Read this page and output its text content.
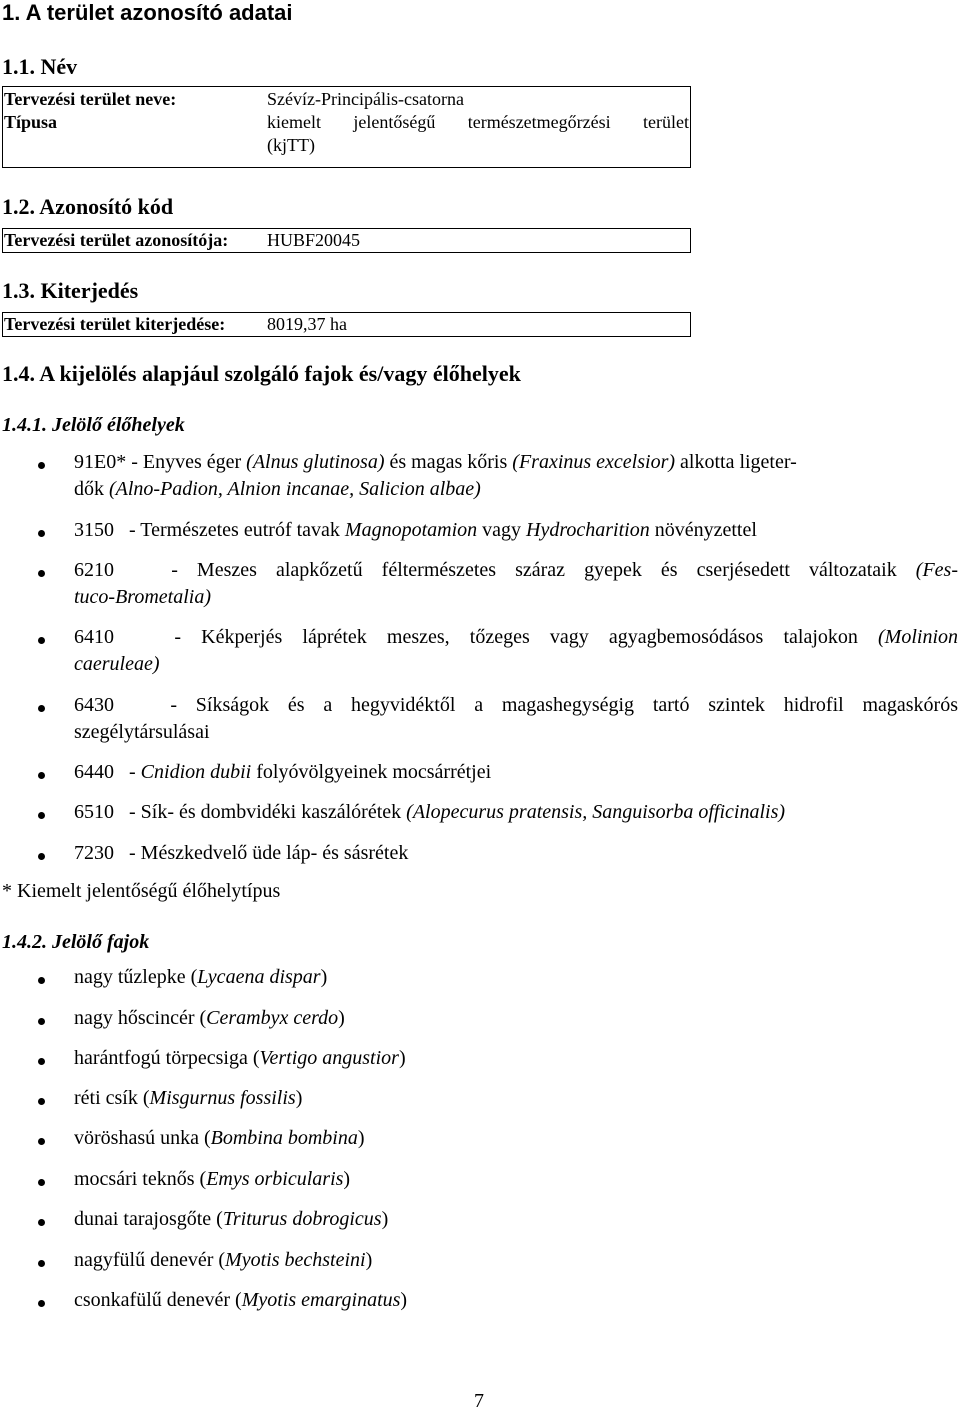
1. A terület azonosító adatai
1.1. Név
Tervezési terület neve:	Szévíz-Principális-csatorna
Típusa	kiemelt jelentőségű természetmegőrzési terület
(kjTT)
1.2. Azonosító kód
Tervezési terület azonosítója: HUBF20045
1.3. Kiterjedés
Tervezési terület kiterjedése: 8019,37 ha
1.4. A kijelölés alapjául szolgáló fajok és/vagy élőhelyek
1.4.1. Jelölő élőhelyek
91E0* - Enyves éger (Alnus glutinosa) és magas kőris (Fraxinus excelsior) alkotta ligeter-
dők (Alno-Padion, Alnion incanae, Salicion albae)
3150 - Természetes eutróf tavak Magnopotamion vagy Hydrocharition növényzettel
6210	- Meszes alapkőzetű féltermészetes száraz gyepek és cserjésedett változataik (Fes-
tuco-Brometalia)
6410	- Kékperjés láprétek meszes, tőzeges vagy agyagbemosódásos talajokon (Molinion
caeruleae)
6430	- Síkságok és a hegyvidéktől a magashegységig tartó szintek hidrofil magaskórós
szegélytársulásai
6440 - Cnidion dubii folyóvölgyeinek mocsárrétjei
6510 - Sík- és dombvidéki kaszálórétek (Alopecurus pratensis, Sanguisorba officinalis)
7230 - Mészkedvelő üde láp- és sásrétek
* Kiemelt jelentőségű élőhelytípus
1.4.2. Jelölő fajok
nagy tűzlepke (Lycaena dispar)
nagy hőscincér (Cerambyx cerdo)
harántfogú törpecsiga (Vertigo angustior)
réti csík (Misgurnus fossilis)
vöröshasú unka (Bombina bombina)
mocsári teknős (Emys orbicularis)
dunai tarajosgőte (Triturus dobrogicus)
nagyfülű denevér (Myotis bechsteini)
csonkafülű denevér (Myotis emarginatus)
7
